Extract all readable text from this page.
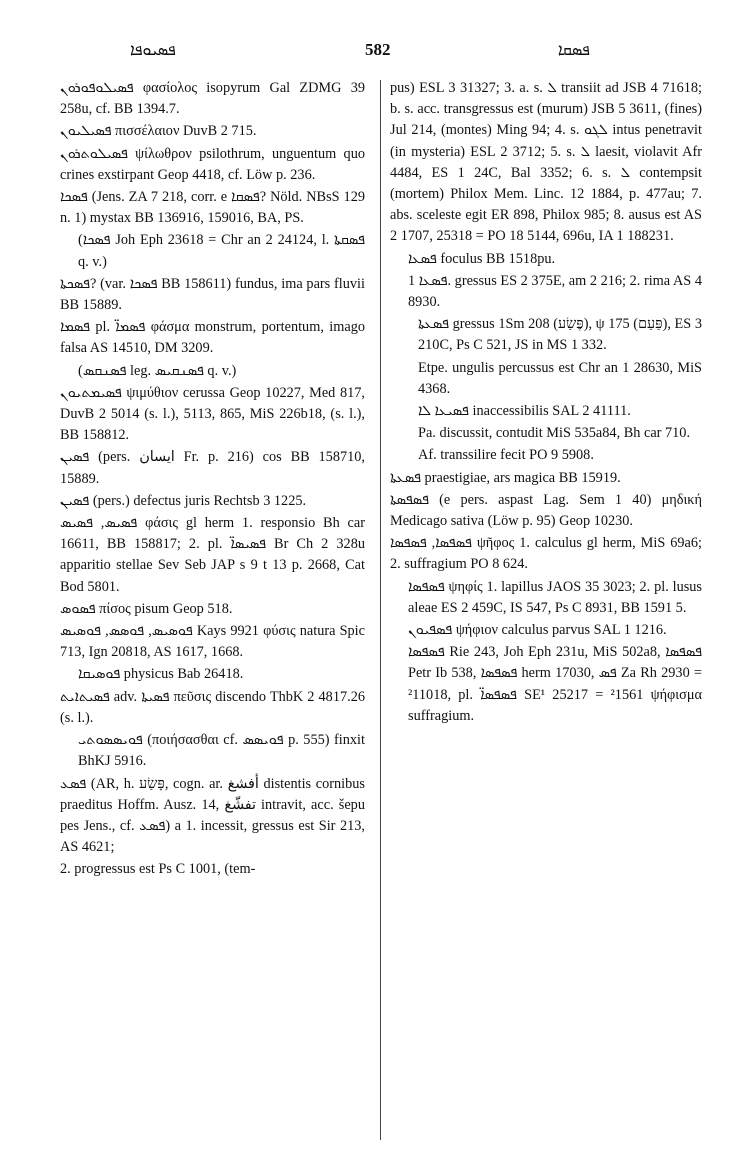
ܦܣܝܘܦܐ	582	ܦܣܩܐ

ܦܣܝܠܘܦܘܪܘܢ φασίολος isopyrum Gal ZDMG 39 258u, cf. BB 1394.7.

ܦܣܝܠܝܘܢ πισσέλαιον DuvB 2 715.

ܦܣܝܠܘܬܪܘܢ ψίλωθρον psilothrum, unguentum quo crines exstirpant Geop 4418, cf. Löw p. 236.

ܦܣܟܐ (Jens. ZA 7 218, corr. e ܦܣܩܐ? Nöld. NBsS 129 n. 1) mystax BB 136916, 159016, BA, PS.

(ܦܣܟܐ Joh Eph 23618 = Chr an 2 24124, l. ܦܣܩܬܐ q. v.)

ܦܣܟܬܐ? (var. ܦܣܟܐ BB 158611) fundus, ima pars fluvii BB 15889.

ܦܣܡܐ pl. ܦܣܡܐ̈ φάσμα monstrum, portentum, imago falsa AS 14510, DM 3209.

(ܦܣܢܩܣ leg. ܦܣܢܩܝܣ q. v.)

ܦܣܝܡܬܝܘܢ ψιμύθιον cerussa Geop 10227, Med 817, DuvB 2 5014 (s. l.), 5113, 865, MiS 226b18, (s. l.), BB 158812.

ܦܣܝܢ (pers. ايسان Fr. p. 216) cos BB 158710, 15889.

ܦܣܝܢ (pers.) defectus juris Rechtsb 3 1225.

ܦܣܝܣ, ܦܣܝܣ φάσις gl herm 1. responsio Bh car 16611, BB 158817; 2. pl. ܦܣܝܣܐ̈ Br Ch 2 328u apparitio stellae Sev Seb JAP s 9 t 13 p. 2668, Cat Bod 5801.

ܦܣܘܣ πίσος pisum Geop 518.

ܦܘܣܝܣ, ܦܘܣܣ, ܦܘܣܝܣ Kays 9921 φύσις natura Spic 713, Ign 20818, AS 1617, 1668.

ܦܘܣܝܩܐ physicus Bab 26418.

ܦܣܝܬܐܝܬ adv. ܦܣܝܬܐ πεῦσις discendo ThbK 2 4817.26 (s. l.).

ܦܘܝܣܣܘܬܝ (ποιήσασθαι cf. ܦܘܝܣܣ p. 555) finxit BhKJ 5916.

ܦܣܥ (AR, h. פָּשַׂע, cogn. ar. أفشغ distentis cornibus praeditus Hoffm. Ausz. 14, تفشّغ intravit, acc. šepu pes Jens., cf. ܦܣܥ) a 1. incessit, gressus est Sir 213, AS 4621;

2. progressus est Ps C 1001, (tem-

pus) ESL 3 31327; 3. a. s. ܠ transiit ad JSB 4 71618; b. s. acc. transgressus est (murum) JSB 5 3611, (fines) Jul 214, (montes) Ming 94; 4. s. ܠܓܘ intus penetravit (in mysteria) ESL 2 3712; 5. s. ܠ laesit, violavit Afr 4484, ES 1 24C, Bal 3352; 6. s. ܠ contempsit (mortem) Philox Mem. Linc. 12 1884, p. 477au; 7. abs. sceleste egit ER 898, Philox 985; 8. ausus est AS 2 1707, 25318 = PO 18 5144, 696u, IA 1 188231.

ܦܣܥܐ foculus BB 1518pu.

ܦܣܥܐ 1. gressus ES 2 375E, am 2 216; 2. rima AS 4 8930.

ܦܣܥܬܐ gressus 1Sm 208 (פֶּשַׂע), ψ 175 (פַּעַם), ES 3 210C, Ps C 521, JS in MS 1 332.

Etpe. ungulis percussus est Chr an 1 28630, MiS 4368.

ܦܣܝܥܐ ܠܐ inaccessibilis SAL 2 41111.

Pa. discussit, contudit MiS 535a84, Bh car 710.

Af. transsilire fecit PO 9 5908.

ܦܣܥܬܐ praestigiae, ars magica BB 15919.

ܦܣܦܣܬܐ (e pers. aspast Lag. Sem 1 40) μηδική Medicago sativa (Löw p. 95) Geop 10230.

ܦܣܦܣܐ, ܦܣܦܣܐ ψῆφος 1. calculus gl herm, MiS 69a6; 2. suffragium PO 8 624.

ܦܣܦܣܐ ψηφίς 1. lapillus JAOS 35 3023; 2. pl. lusus aleae ES 2 459C, IS 547, Ps C 8931, BB 1591 5.

ܦܣܦܝܘܢ ψήφιον calculus parvus SAL 1 1216.

ܦܣܦܣܐ Rie 243, Joh Eph 231u, MiS 502a8, ܦܣܦܣܐ Petr Ib 538, ܦܣܦܣܐ herm 17030, ܦܣ Za Rh 2930 = ²11018, pl. ܦܣܦܣܐ̈ SE¹ 25217 = ²1561 ψήφισμα suffragium.
